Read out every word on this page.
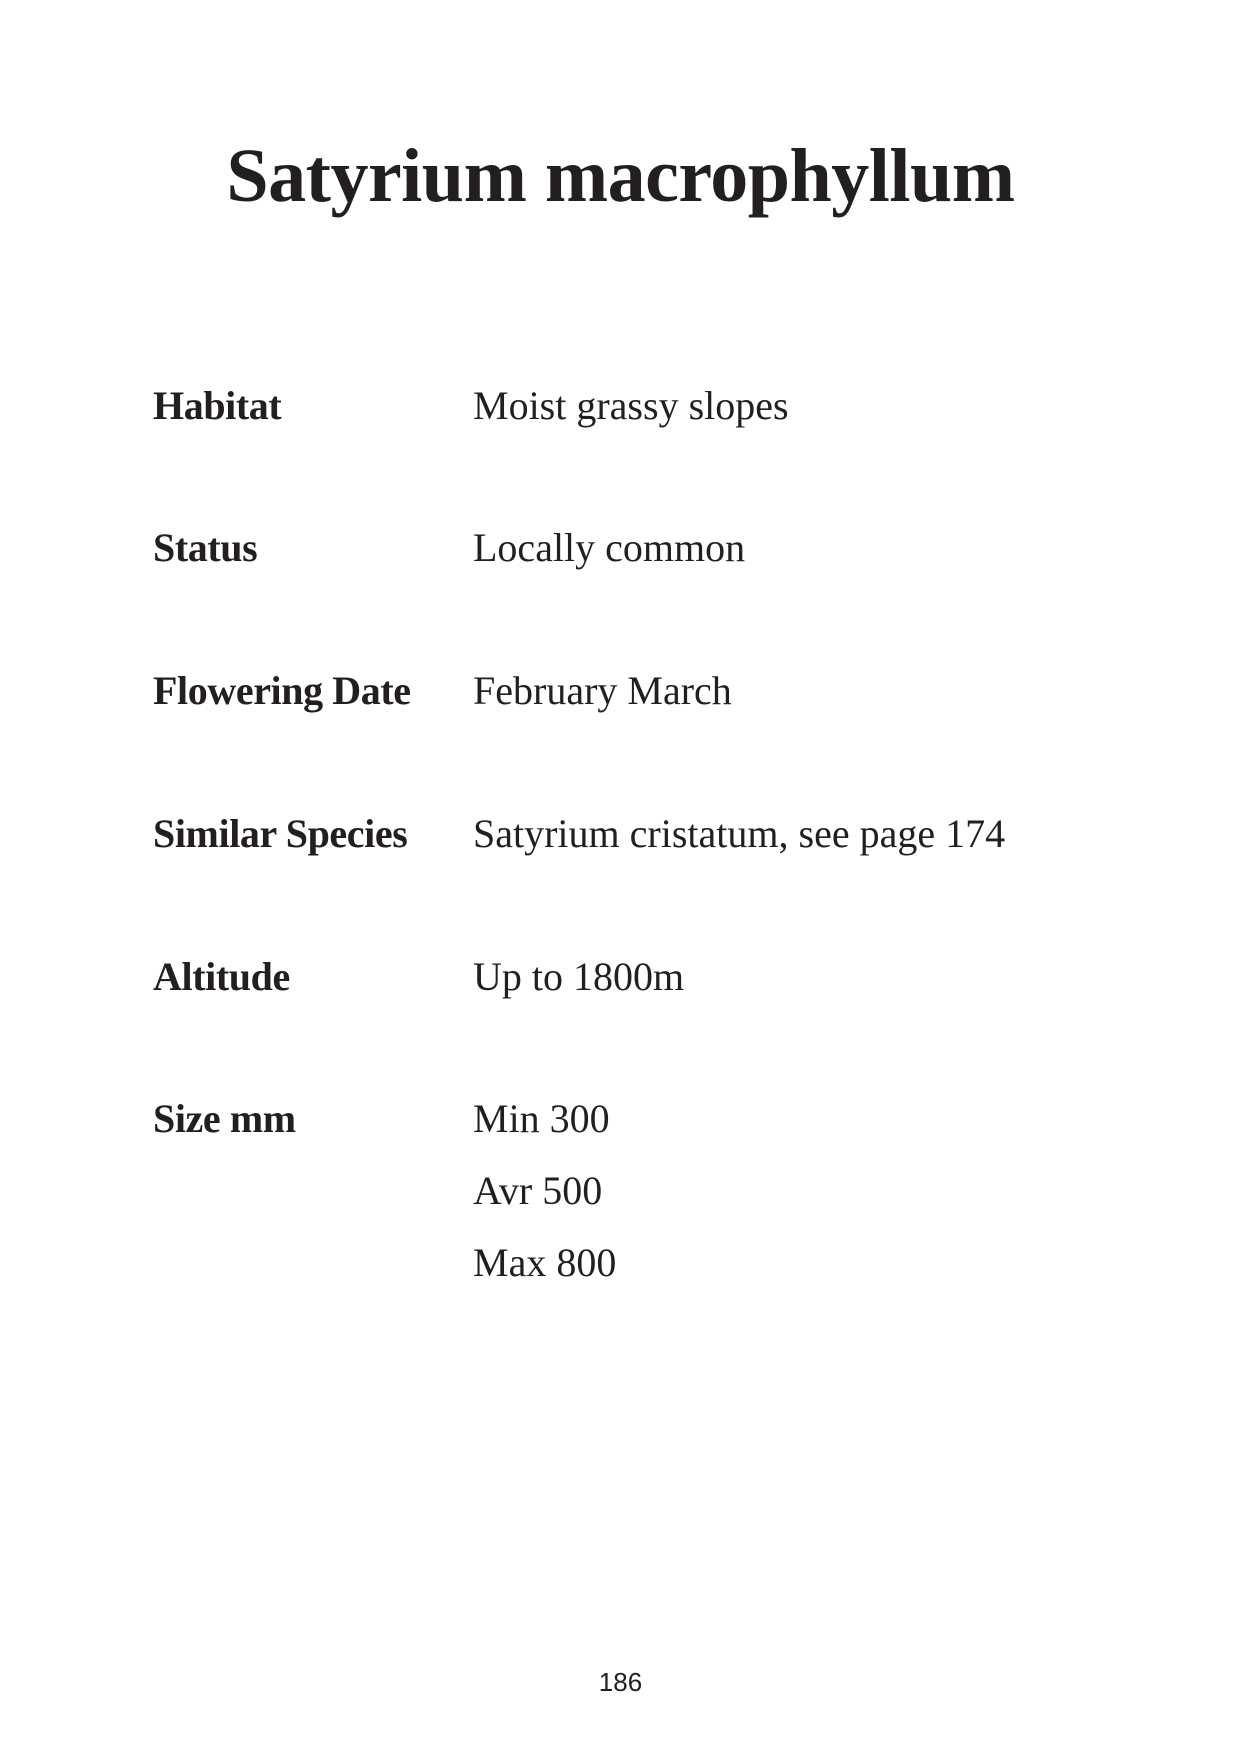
Satyrium macrophyllum
Habitat	Moist grassy slopes
Status	Locally common
Flowering Date February March
Similar Species Satyrium cristatum, see page 174
Altitude	Up to 1800m
Size mm	Min 300
Avr 500
Max 800
186
